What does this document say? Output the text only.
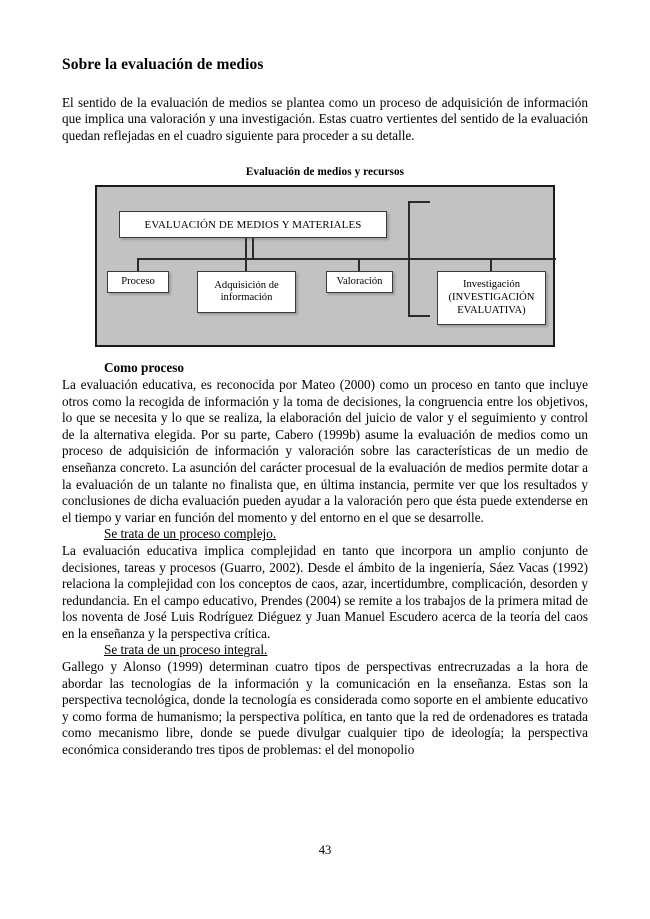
Sobre la evaluación de medios

El sentido de la evaluación de medios se plantea como un proceso de adquisición de información que implica una valoración y una investigación. Estas cuatro vertientes del sentido de la evaluación quedan reflejadas en el cuadro siguiente para proceder a su detalle.

Evaluación de medios y recursos
EVALUACIÓN DE MEDIOS Y MATERIALES
Proceso	Adquisición de
información
Valoración	Investigación
(INVESTIGACIÓN
EVALUATIVA)
Como proceso

La evaluación educativa, es reconocida por Mateo (2000) como un proceso en tanto que incluye otros como la recogida de información y la toma de decisiones, la congruencia entre los objetivos, lo que se necesita y lo que se realiza, la elaboración del juicio de valor y el seguimiento y control de la alternativa elegida. Por su parte, Cabero (1999b) asume la evaluación de medios como un proceso de adquisición de información y valoración sobre las características de un medio de enseñanza concreto. La asunción del carácter procesual de la evaluación de medios permite dotar a la evaluación de un talante no finalista que, en última instancia, permite ver que los resultados y conclusiones de dicha evaluación pueden ayudar a la valoración pero que ésta puede extenderse en el tiempo y variar en función del momento y del entorno en el que se desarrolle.

Se trata de un proceso complejo.

La evaluación educativa implica complejidad en tanto que incorpora un amplio conjunto de decisiones, tareas y procesos (Guarro, 2002). Desde el ámbito de la ingeniería, Sáez Vacas (1992) relaciona la complejidad con los conceptos de caos, azar, incertidumbre, complicación, desorden y redundancia. En el campo educativo, Prendes (2004) se remite a los trabajos de la primera mitad de los noventa de José Luis Rodríguez Diéguez y Juan Manuel Escudero acerca de la teoría del caos en la enseñanza y la perspectiva crítica.

Se trata de un proceso integral.

Gallego y Alonso (1999) determinan cuatro tipos de perspectivas entrecruzadas a la hora de abordar las tecnologías de la información y la comunicación en la enseñanza. Estas son la perspectiva tecnológica, donde la tecnología es considerada como soporte en el ambiente educativo y como forma de humanismo; la perspectiva política, en tanto que la red de ordenadores es tratada como mecanismo libre, donde se puede divulgar cualquier tipo de ideología; la perspectiva económica considerando tres tipos de problemas: el del monopolio

43
